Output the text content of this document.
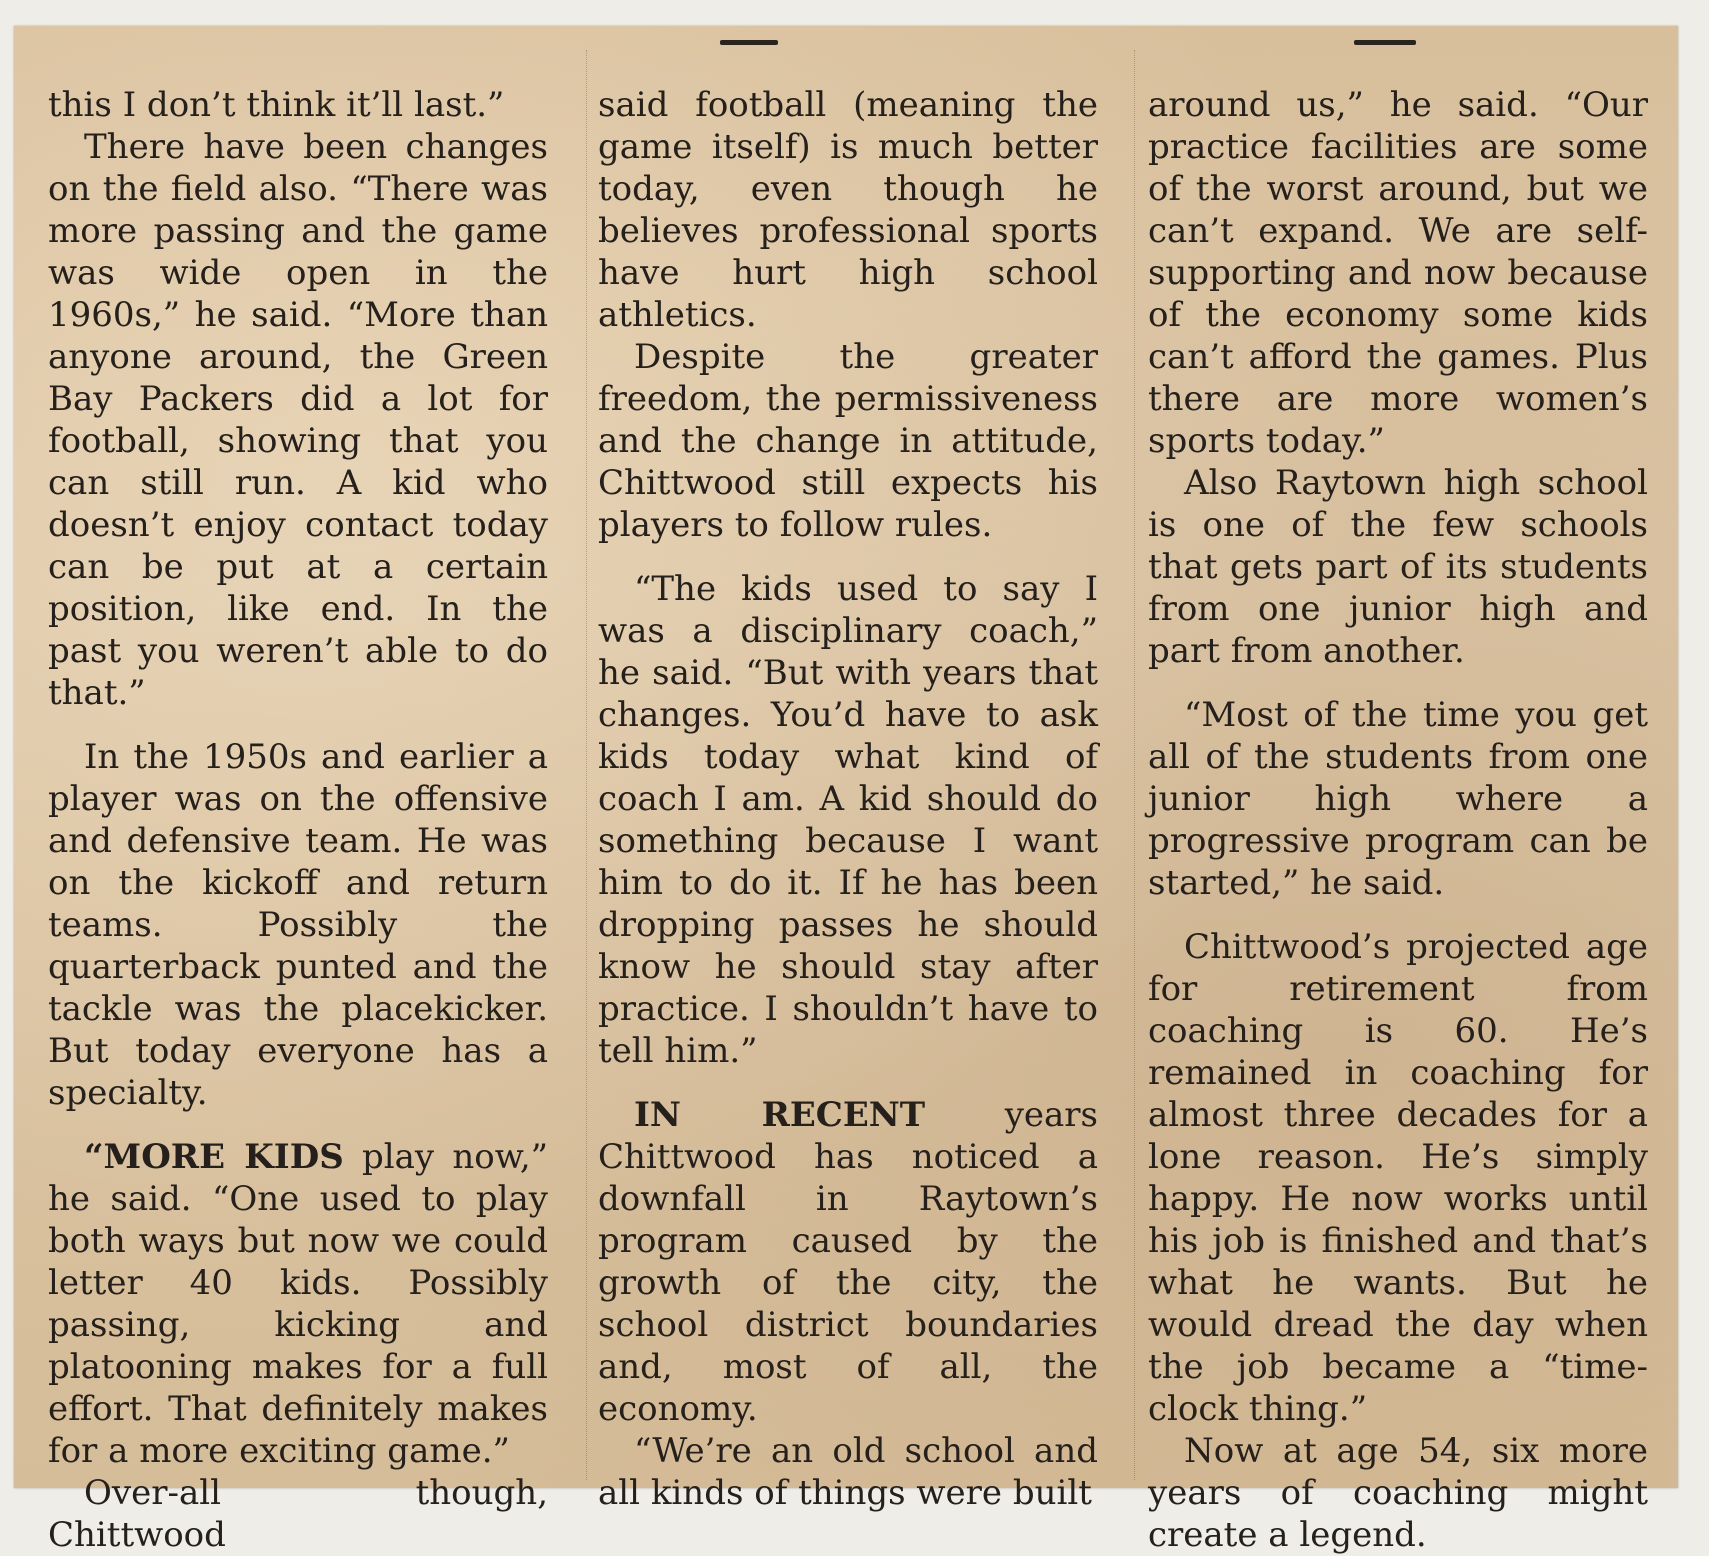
this I don’t think it’ll last.”

There have been changes on the field also. “There was more passing and the game was wide open in the 1960s,” he said. “More than anyone around, the Green Bay Packers did a lot for football, showing that you can still run. A kid who doesn’t enjoy contact today can be put at a certain position, like end. In the past you weren’t able to do that.”

In the 1950s and earlier a player was on the offensive and defensive team. He was on the kickoff and return teams. Possibly the quarterback punted and the tackle was the placekicker. But today everyone has a specialty.

“MORE KIDS play now,” he said. “One used to play both ways but now we could letter 40 kids. Possibly passing, kicking and platooning makes for a full effort. That definitely makes for a more exciting game.”

Over-all though, Chittwood

said football (meaning the game itself) is much better today, even though he believes professional sports have hurt high school athletics.

Despite the greater freedom, the permissiveness and the change in attitude, Chittwood still expects his players to follow rules.

“The kids used to say I was a disciplinary coach,” he said. “But with years that changes. You’d have to ask kids today what kind of coach I am. A kid should do something because I want him to do it. If he has been dropping passes he should know he should stay after practice. I shouldn’t have to tell him.”

IN RECENT years Chittwood has noticed a downfall in Raytown’s program caused by the growth of the city, the school district boundaries and, most of all, the economy.

“We’re an old school and all kinds of things were built

around us,” he said. “Our practice facilities are some of the worst around, but we can’t expand. We are self-supporting and now because of the economy some kids can’t afford the games. Plus there are more women’s sports today.”

Also Raytown high school is one of the few schools that gets part of its students from one junior high and part from another.

“Most of the time you get all of the students from one junior high where a progressive program can be started,” he said.

Chittwood’s projected age for retirement from coaching is 60. He’s remained in coaching for almost three decades for a lone reason. He’s simply happy. He now works until his job is finished and that’s what he wants. But he would dread the day when the job became a “time-clock thing.”

Now at age 54, six more years of coaching might create a legend.
